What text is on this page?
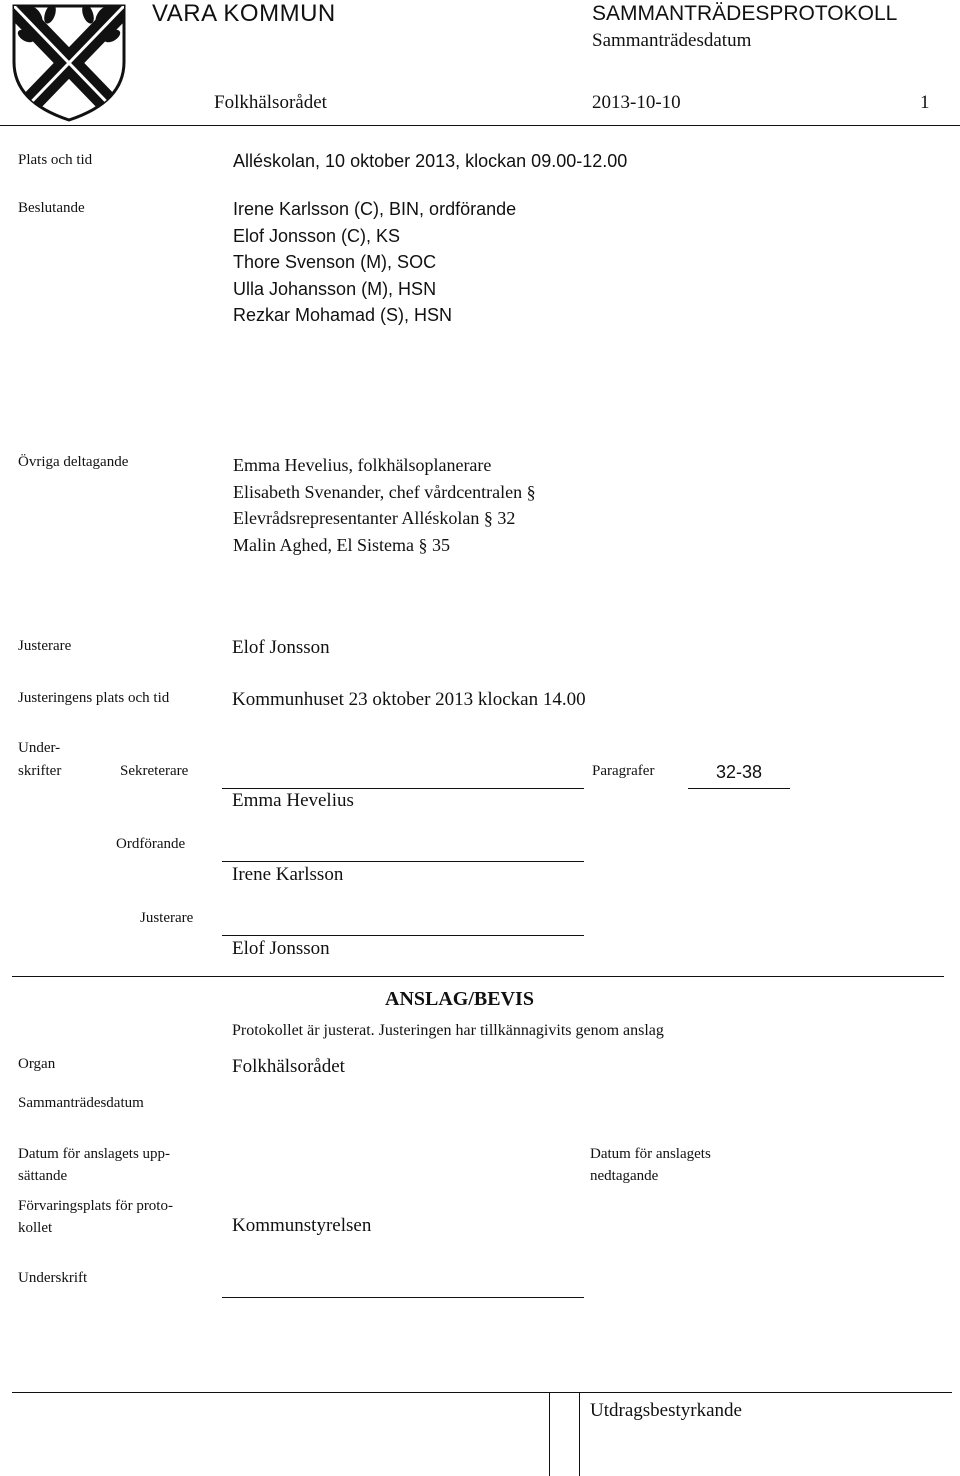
VARA KOMMUN	SAMMANTRÄDESPROTOKOLL
Sammanträdesdatum
Folkhälsorådet	2013-10-10	1
Plats och tid	Alléskolan, 10 oktober 2013, klockan 09.00-12.00
Beslutande	Irene Karlsson (C), BIN, ordförande
Elof Jonsson (C), KS
Thore Svenson (M), SOC
Ulla Johansson (M), HSN
Rezkar Mohamad (S), HSN
Övriga deltagande	Emma Hevelius, folkhälsoplanerare
Elisabeth Svenander, chef vårdcentralen §
Elevrådsrepresentanter Alléskolan § 32
Malin Aghed, El Sistema § 35
Justerare	Elof Jonsson
Justeringens plats och tid	Kommunhuset 23 oktober 2013 klockan 14.00
Under-
skrifter	Sekreterare
Emma Hevelius
Paragrafer	32-38
Ordförande
Irene Karlsson
Justerare
Elof Jonsson
ANSLAG/BEVIS
Protokollet är justerat. Justeringen har tillkännagivits genom anslag
Organ	Folkhälsorådet
Sammanträdesdatum
Datum för anslagets upp-
sättande
Datum för anslagets
nedtagande
Förvaringsplats för proto-
kollet	Kommunstyrelsen
Underskrift
Utdragsbestyrkande
